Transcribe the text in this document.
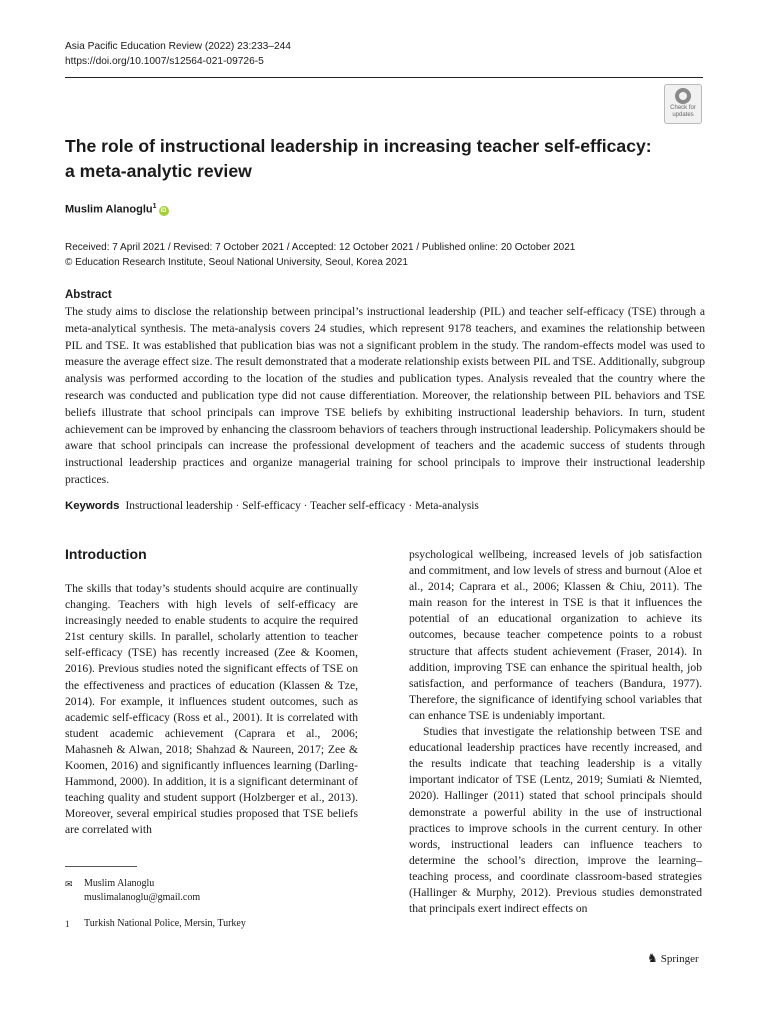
Asia Pacific Education Review (2022) 23:233–244
https://doi.org/10.1007/s12564-021-09726-5
Check for
updates
The role of instructional leadership in increasing teacher self-efficacy:
a meta-analytic review
Muslim Alanoglu$^1$iD
Received: 7 April 2021 / Revised: 7 October 2021 / Accepted: 12 October 2021 / Published online: 20 October 2021
© Education Research Institute, Seoul National University, Seoul, Korea 2021
Abstract

The study aims to disclose the relationship between principal’s instructional leadership (PIL) and teacher self-efficacy (TSE) through a meta-analytical synthesis. The meta-analysis covers 24 studies, which represent 9178 teachers, and examines the relationship between PIL and TSE. It was established that publication bias was not a significant problem in the study. The random-effects model was used to measure the average effect size. The result demonstrated that a moderate relationship exists between PIL and TSE. Additionally, subgroup analysis was performed according to the location of the studies and publication types. Analysis revealed that the country where the research was conducted and publication type did not cause differentiation. Moreover, the relationship between PIL behaviors and TSE beliefs illustrate that school principals can improve TSE beliefs by exhibiting instructional leadership behaviors. In turn, student achievement can be improved by enhancing the classroom behaviors of teachers through instructional leadership. Policymakers should be aware that school principals can increase the professional development of teachers and the academic success of students through instructional leadership practices and organize managerial training for school principals to improve their instructional leadership practices.

Keywords Instructional leadership · Self-efficacy · Teacher self-efficacy · Meta-analysis
Introduction

The skills that today’s students should acquire are continually changing. Teachers with high levels of self-efficacy are increasingly needed to enable students to acquire the required 21st century skills. In parallel, scholarly attention to teacher self-efficacy (TSE) has recently increased (Zee & Koomen, 2016). Previous studies noted the significant effects of TSE on the effectiveness and practices of education (Klassen & Tze, 2014). For example, it influences student outcomes, such as academic self-efficacy (Ross et al., 2001). It is correlated with student academic achievement (Caprara et al., 2006; Mahasneh & Alwan, 2018; Shahzad & Naureen, 2017; Zee & Koomen, 2016) and significantly influences learning (Darling-Hammond, 2000). In addition, it is a significant determinant of teaching quality and student support (Holzberger et al., 2013). Moreover, several empirical studies proposed that TSE beliefs are correlated with

psychological wellbeing, increased levels of job satisfaction and commitment, and low levels of stress and burnout (Aloe et al., 2014; Caprara et al., 2006; Klassen & Chiu, 2011). The main reason for the interest in TSE is that it influences the potential of an educational organization to achieve its outcomes, because teacher competence points to a robust structure that affects student achievement (Fraser, 2014). In addition, improving TSE can enhance the spiritual health, job satisfaction, and performance of teachers (Bandura, 1977). Therefore, the significance of identifying school variables that can enhance TSE is undeniably important.

Studies that investigate the relationship between TSE and educational leadership practices have recently increased, and the results indicate that teaching leadership is a vitally important indicator of TSE (Lentz, 2019; Sumiati & Niemted, 2020). Hallinger (2011) stated that school principals should demonstrate a powerful ability in the use of instructional practices to improve schools in the current century. In other words, instructional leaders can influence teachers to determine the school’s direction, improve the learning–teaching process, and coordinate classroom-based strategies (Hallinger & Murphy, 2012). Previous studies demonstrated that principals exert indirect effects on

✉ Muslim Alanoglu
muslimalanoglu@gmail.com
1 Turkish National Police, Mersin, Turkey
♞ Springer
